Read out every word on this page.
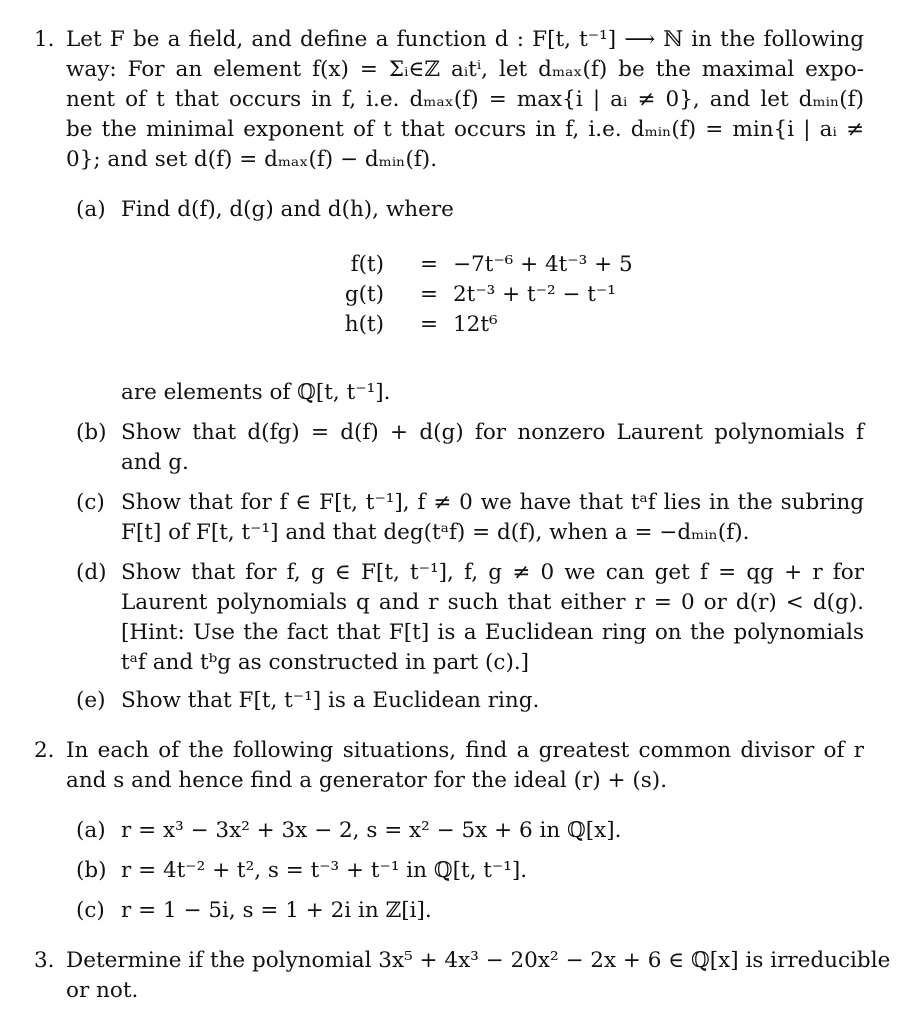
1. Let F be a field, and define a function d : F[t, t⁻¹] ⟶ ℕ in the following
way: For an element f(x) = Σᵢ∈ℤ aᵢtⁱ, let dₘₐₓ(f) be the maximal expo-
nent of t that occurs in f, i.e. dₘₐₓ(f) = max{i | aᵢ ≠ 0}, and let dₘᵢₙ(f)
be the minimal exponent of t that occurs in f, i.e. dₘᵢₙ(f) = min{i | aᵢ ≠
0}; and set d(f) = dₘₐₓ(f) − dₘᵢₙ(f).
(a) Find d(f), d(g) and d(h), where
f(t) = −7t⁻⁶ + 4t⁻³ + 5
g(t) = 2t⁻³ + t⁻² − t⁻¹
h(t) = 12t⁶
are elements of ℚ[t, t⁻¹].
(b) Show that d(fg) = d(f) + d(g) for nonzero Laurent polynomials f
and g.
(c) Show that for f ∈ F[t, t⁻¹], f ≠ 0 we have that tᵃf lies in the subring
F[t] of F[t, t⁻¹] and that deg(tᵃf) = d(f), when a = −dₘᵢₙ(f).
(d) Show that for f, g ∈ F[t, t⁻¹], f, g ≠ 0 we can get f = qg + r for
Laurent polynomials q and r such that either r = 0 or d(r) < d(g).
[Hint: Use the fact that F[t] is a Euclidean ring on the polynomials
tᵃf and tᵇg as constructed in part (c).]
(e) Show that F[t, t⁻¹] is a Euclidean ring.
2. In each of the following situations, find a greatest common divisor of r
and s and hence find a generator for the ideal (r) + (s).
(a) r = x³ − 3x² + 3x − 2, s = x² − 5x + 6 in ℚ[x].
(b) r = 4t⁻² + t², s = t⁻³ + t⁻¹ in ℚ[t, t⁻¹].
(c) r = 1 − 5i, s = 1 + 2i in ℤ[i].
3. Determine if the polynomial 3x⁵ + 4x³ − 20x² − 2x + 6 ∈ ℚ[x] is irreducible
or not.
